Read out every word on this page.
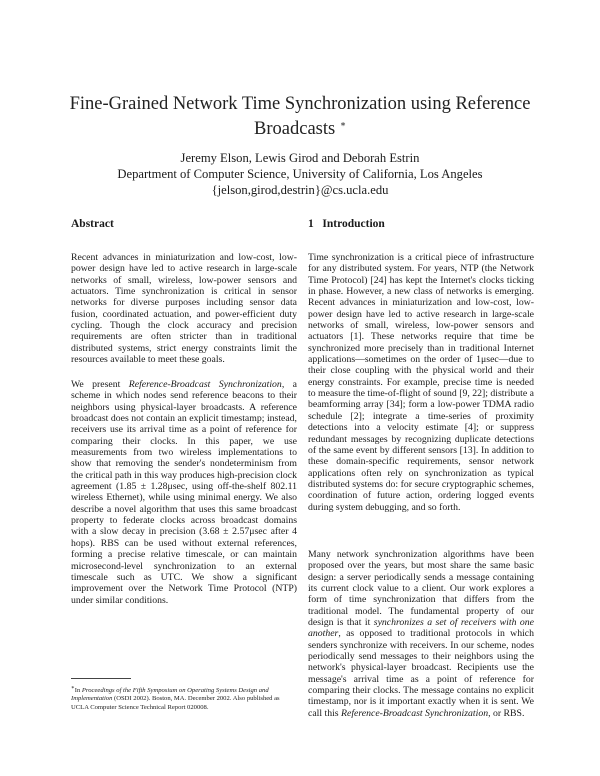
Fine-Grained Network Time Synchronization using Reference
Broadcasts ∗
Jeremy Elson, Lewis Girod and Deborah Estrin
Department of Computer Science, University of California, Los Angeles
{jelson,girod,destrin}@cs.ucla.edu
Abstract

Recent advances in miniaturization and low-cost, low-power design have led to active research in large-scale networks of small, wireless, low-power sensors and actuators. Time synchronization is critical in sensor networks for diverse purposes including sensor data fusion, coordinated actuation, and power-efficient duty cycling. Though the clock accuracy and precision requirements are often stricter than in traditional distributed systems, strict energy constraints limit the resources available to meet these goals.

We present Reference-Broadcast Synchronization, a scheme in which nodes send reference beacons to their neighbors using physical-layer broadcasts. A reference broadcast does not contain an explicit timestamp; instead, receivers use its arrival time as a point of reference for comparing their clocks. In this paper, we use measurements from two wireless implementations to show that removing the sender's nondeterminism from the critical path in this way produces high-precision clock agreement (1.85 ± 1.28μsec, using off-the-shelf 802.11 wireless Ethernet), while using minimal energy. We also describe a novel algorithm that uses this same broadcast property to federate clocks across broadcast domains with a slow decay in precision (3.68 ± 2.57μsec after 4 hops). RBS can be used without external references, forming a precise relative timescale, or can maintain microsecond-level synchronization to an external timescale such as UTC. We show a significant improvement over the Network Time Protocol (NTP) under similar conditions.

∗In Proceedings of the Fifth Symposium on Operating Systems Design and Implementation (OSDI 2002). Boston, MA. December 2002. Also published as UCLA Computer Science Technical Report 020008.

1 Introduction

Time synchronization is a critical piece of infrastructure for any distributed system. For years, NTP (the Network Time Protocol) [24] has kept the Internet's clocks ticking in phase. However, a new class of networks is emerging. Recent advances in miniaturization and low-cost, low-power design have led to active research in large-scale networks of small, wireless, low-power sensors and actuators [1]. These networks require that time be synchronized more precisely than in traditional Internet applications—sometimes on the order of 1μsec—due to their close coupling with the physical world and their energy constraints. For example, precise time is needed to measure the time-of-flight of sound [9, 22]; distribute a beamforming array [34]; form a low-power TDMA radio schedule [2]; integrate a time-series of proximity detections into a velocity estimate [4]; or suppress redundant messages by recognizing duplicate detections of the same event by different sensors [13]. In addition to these domain-specific requirements, sensor network applications often rely on synchronization as typical distributed systems do: for secure cryptographic schemes, coordination of future action, ordering logged events during system debugging, and so forth.

Many network synchronization algorithms have been proposed over the years, but most share the same basic design: a server periodically sends a message containing its current clock value to a client. Our work explores a form of time synchronization that differs from the traditional model. The fundamental property of our design is that it synchronizes a set of receivers with one another, as opposed to traditional protocols in which senders synchronize with receivers. In our scheme, nodes periodically send messages to their neighbors using the network's physical-layer broadcast. Recipients use the message's arrival time as a point of reference for comparing their clocks. The message contains no explicit timestamp, nor is it important exactly when it is sent. We call this Reference-Broadcast Synchronization, or RBS.
